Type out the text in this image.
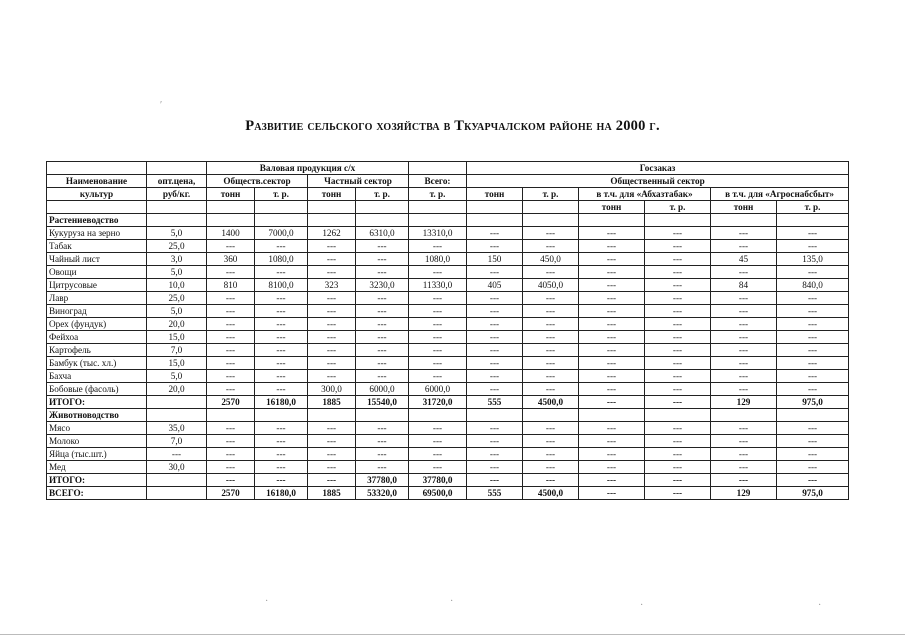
Развитие сельского хозяйства в Ткуарчалском районе на 2000 г.
		Валовая продукция с/х					Госзаказ					
Наименование	опт.цена,	Обществ.сектор		Частный сектор		Всего:	Общественный сектор					
культур	руб/кг.	тонн	т. р.	тонн	т. р.	т. р.	тонн	т. р.	в т.ч. для «Абхазтабак»		в т.ч. для «Агроснабсбыт»	
									тонн	т. р.	тонн	т. р.
Растениеводство												
Кукуруза на зерно	5,0	1400	7000,0	1262	6310,0	13310,0	---	---	---	---	---	---
Табак	25,0	---	---	---	---	---	---	---	---	---	---	---
Чайный лист	3,0	360	1080,0	---	---	1080,0	150	450,0	---	---	45	135,0
Овощи	5,0	---	---	---	---	---	---	---	---	---	---	---
Цитрусовые	10,0	810	8100,0	323	3230,0	11330,0	405	4050,0	---	---	84	840,0
Лавр	25,0	---	---	---	---	---	---	---	---	---	---	---
Виноград	5,0	---	---	---	---	---	---	---	---	---	---	---
Орех (фундук)	20,0	---	---	---	---	---	---	---	---	---	---	---
Фейхоа	15,0	---	---	---	---	---	---	---	---	---	---	---
Картофель	7,0	---	---	---	---	---	---	---	---	---	---	---
Бамбук (тыс. хл.)	15,0	---	---	---	---	---	---	---	---	---	---	---
Бахча	5,0	---	---	---	---	---	---	---	---	---	---	---
Бобовые (фасоль)	20,0	---	---	300,0	6000,0	6000,0	---	---	---	---	---	---
ИТОГО:		2570	16180,0	1885	15540,0	31720,0	555	4500,0	---	---	129	975,0
Животноводство												
Мясо	35,0	---	---	---	---	---	---	---	---	---	---	---
Молоко	7,0	---	---	---	---	---	---	---	---	---	---	---
Яйца (тыс.шт.)	---	---	---	---	---	---	---	---	---	---	---	---
Мед	30,0	---	---	---	---	---	---	---	---	---	---	---
ИТОГО:		---	---	---	37780,0	37780,0	---	---	---	---	---	---
ВСЕГО:		2570	16180,0	1885	53320,0	69500,0	555	4500,0	---	---	129	975,0
ʹ
·	·	·	·
